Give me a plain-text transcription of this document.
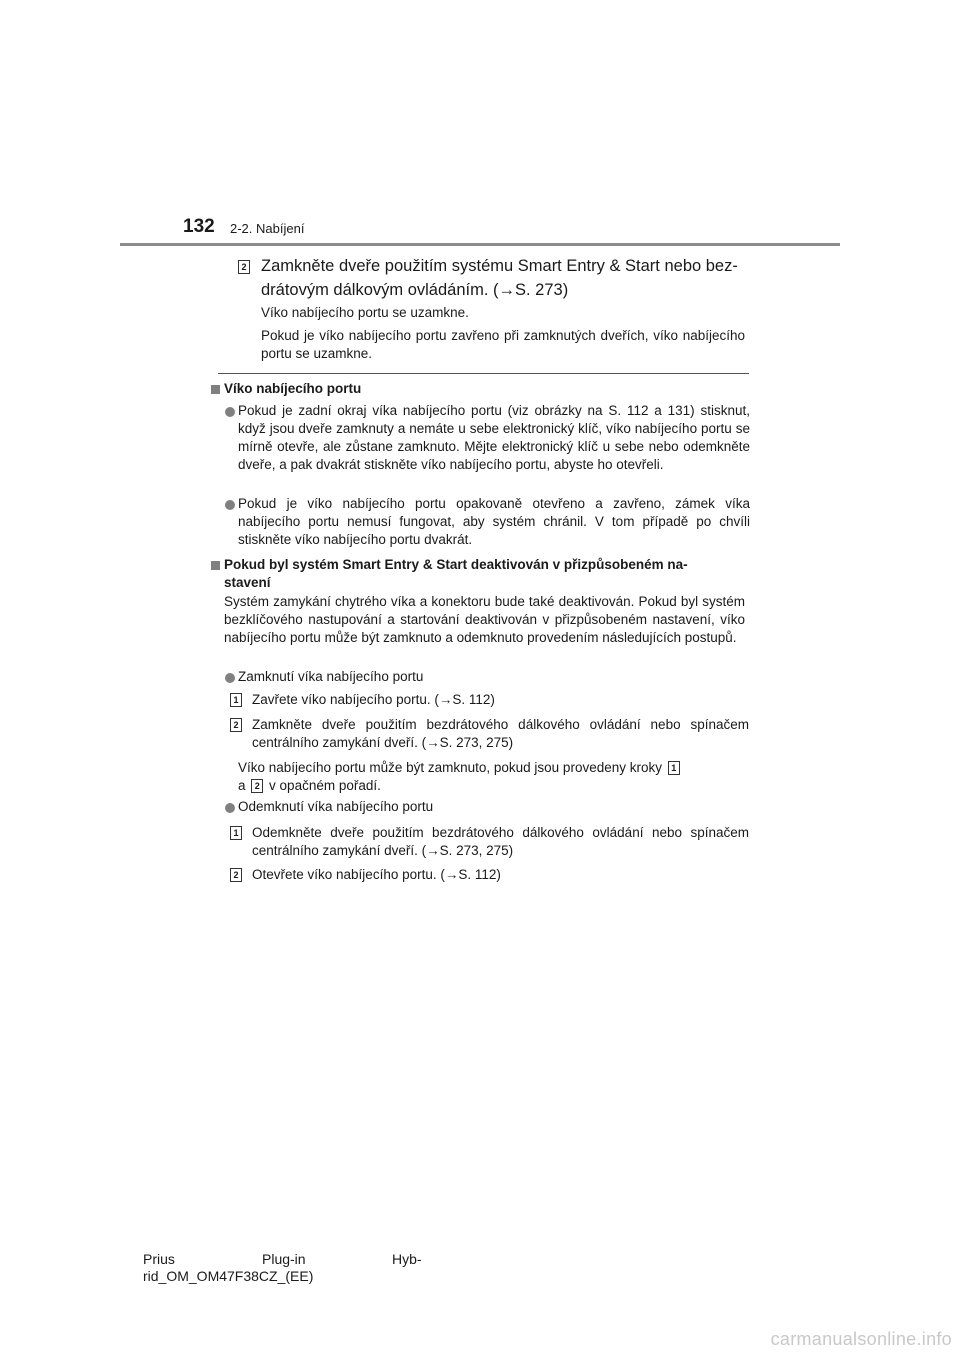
132 2-2. Nabíjení
2 Zamkněte dveře použitím systému Smart Entry & Start nebo bez-
drátovým dálkovým ovládáním. (→S. 273)
Víko nabíjecího portu se uzamkne.
Pokud je víko nabíjecího portu zavřeno při zamknutých dveřích, víko nabíjecího portu se uzamkne.
Víko nabíjecího portu
Pokud je zadní okraj víka nabíjecího portu (viz obrázky na S. 112 a 131) stisknut, když jsou dveře zamknuty a nemáte u sebe elektronický klíč, víko nabíjecího portu se mírně otevře, ale zůstane zamknuto. Mějte elektronický klíč u sebe nebo odemkněte dveře, a pak dvakrát stiskněte víko nabíjecího portu, abyste ho otevřeli.
Pokud je víko nabíjecího portu opakovaně otevřeno a zavřeno, zámek víka nabíjecího portu nemusí fungovat, aby systém chránil. V tom případě po chvíli stiskněte víko nabíjecího portu dvakrát.
Pokud byl systém Smart Entry & Start deaktivován v přizpůsobeném na-
stavení
Systém zamykání chytrého víka a konektoru bude také deaktivován. Pokud byl systém bezklíčového nastupování a startování deaktivován v přizpůsobeném nastavení, víko nabíjecího portu může být zamknuto a odemknuto provedením následujících postupů.
Zamknutí víka nabíjecího portu
1 Zavřete víko nabíjecího portu. (→S. 112)
2 Zamkněte dveře použitím bezdrátového dálkového ovládání nebo spínačem centrálního zamykání dveří. (→S. 273, 275)
Víko nabíjecího portu může být zamknuto, pokud jsou provedeny kroky 1
a 2 v opačném pořadí.
Odemknutí víka nabíjecího portu
1 Odemkněte dveře použitím bezdrátového dálkového ovládání nebo spínačem centrálního zamykání dveří. (→S. 273, 275)
2 Otevřete víko nabíjecího portu. (→S. 112)
Prius	Plug-in	Hyb-
rid_OM_OM47F38CZ_(EE)
carmanualsonline.info
